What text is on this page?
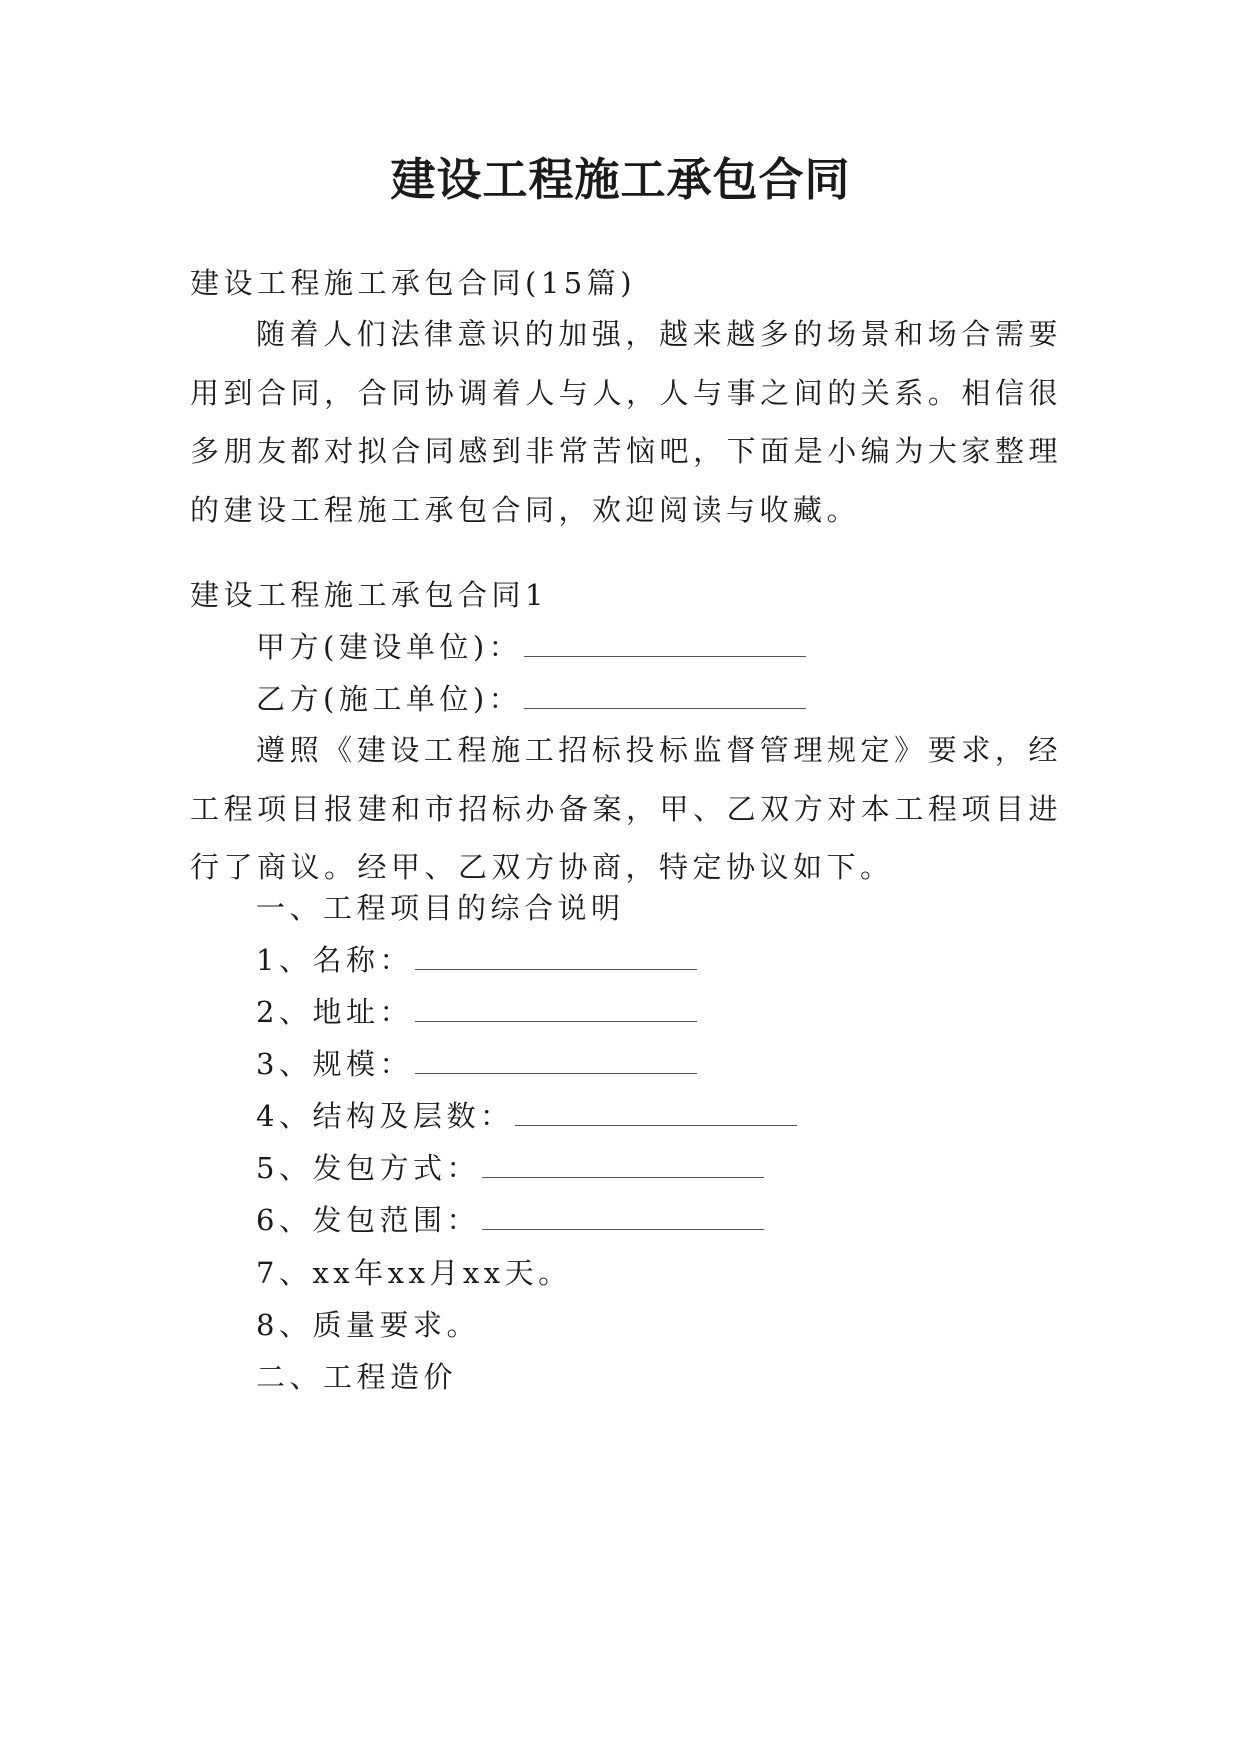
建设工程施工承包合同
建设工程施工承包合同(15篇)

随着人们法律意识的加强，越来越多的场景和场合需要用到合同，合同协调着人与人，人与事之间的关系。相信很多朋友都对拟合同感到非常苦恼吧，下面是小编为大家整理的建设工程施工承包合同，欢迎阅读与收藏。

建设工程施工承包合同1
甲方(建设单位)：
乙方(施工单位)：

遵照《建设工程施工招标投标监督管理规定》要求，经工程项目报建和市招标办备案，甲、乙双方对本工程项目进行了商议。经甲、乙双方协商，特定协议如下。

一、工程项目的综合说明
1、名称：
2、地址：
3、规模：
4、结构及层数：
5、发包方式：
6、发包范围：
7、xx年xx月xx天。
8、质量要求。
二、工程造价
